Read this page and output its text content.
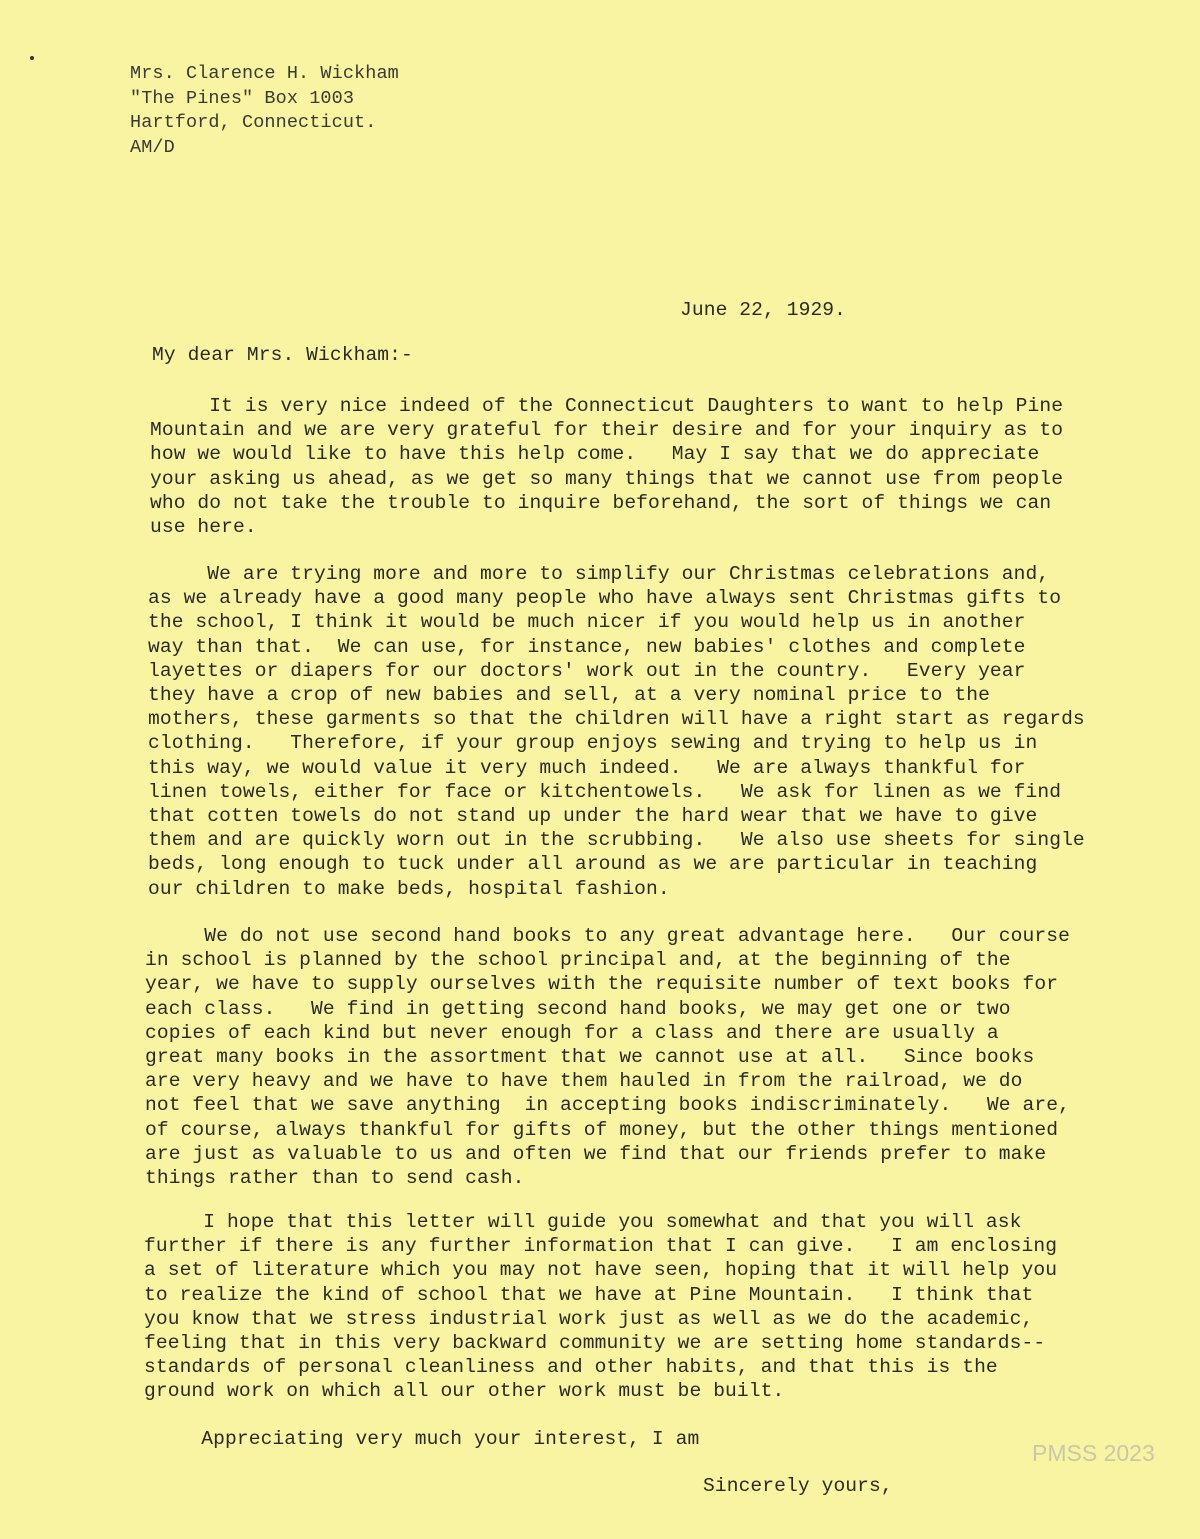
Mrs. Clarence H. Wickham
"The Pines" Box 1003
Hartford, Connecticut.
AM/D
June 22, 1929.
My dear Mrs. Wickham:-
It is very nice indeed of the Connecticut Daughters to want to help Pine
Mountain and we are very grateful for their desire and for your inquiry as to
how we would like to have this help come.   May I say that we do appreciate
your asking us ahead, as we get so many things that we cannot use from people
who do not take the trouble to inquire beforehand, the sort of things we can
use here.
We are trying more and more to simplify our Christmas celebrations and,
as we already have a good many people who have always sent Christmas gifts to
the school, I think it would be much nicer if you would help us in another
way than that.  We can use, for instance, new babies' clothes and complete
layettes or diapers for our doctors' work out in the country.   Every year
they have a crop of new babies and sell, at a very nominal price to the
mothers, these garments so that the children will have a right start as regards
clothing.   Therefore, if your group enjoys sewing and trying to help us in
this way, we would value it very much indeed.   We are always thankful for
linen towels, either for face or kitchentowels.   We ask for linen as we find
that cotten towels do not stand up under the hard wear that we have to give
them and are quickly worn out in the scrubbing.   We also use sheets for single
beds, long enough to tuck under all around as we are particular in teaching
our children to make beds, hospital fashion.
We do not use second hand books to any great advantage here.   Our course
in school is planned by the school principal and, at the beginning of the
year, we have to supply ourselves with the requisite number of text books for
each class.   We find in getting second hand books, we may get one or two
copies of each kind but never enough for a class and there are usually a
great many books in the assortment that we cannot use at all.   Since books
are very heavy and we have to have them hauled in from the railroad, we do
not feel that we save anything  in accepting books indiscriminately.   We are,
of course, always thankful for gifts of money, but the other things mentioned
are just as valuable to us and often we find that our friends prefer to make
things rather than to send cash.
I hope that this letter will guide you somewhat and that you will ask
further if there is any further information that I can give.   I am enclosing
a set of literature which you may not have seen, hoping that it will help you
to realize the kind of school that we have at Pine Mountain.   I think that
you know that we stress industrial work just as well as we do the academic,
feeling that in this very backward community we are setting home standards--
standards of personal cleanliness and other habits, and that this is the
ground work on which all our other work must be built.
Appreciating very much your interest, I am
Sincerely yours,
PMSS 2023
